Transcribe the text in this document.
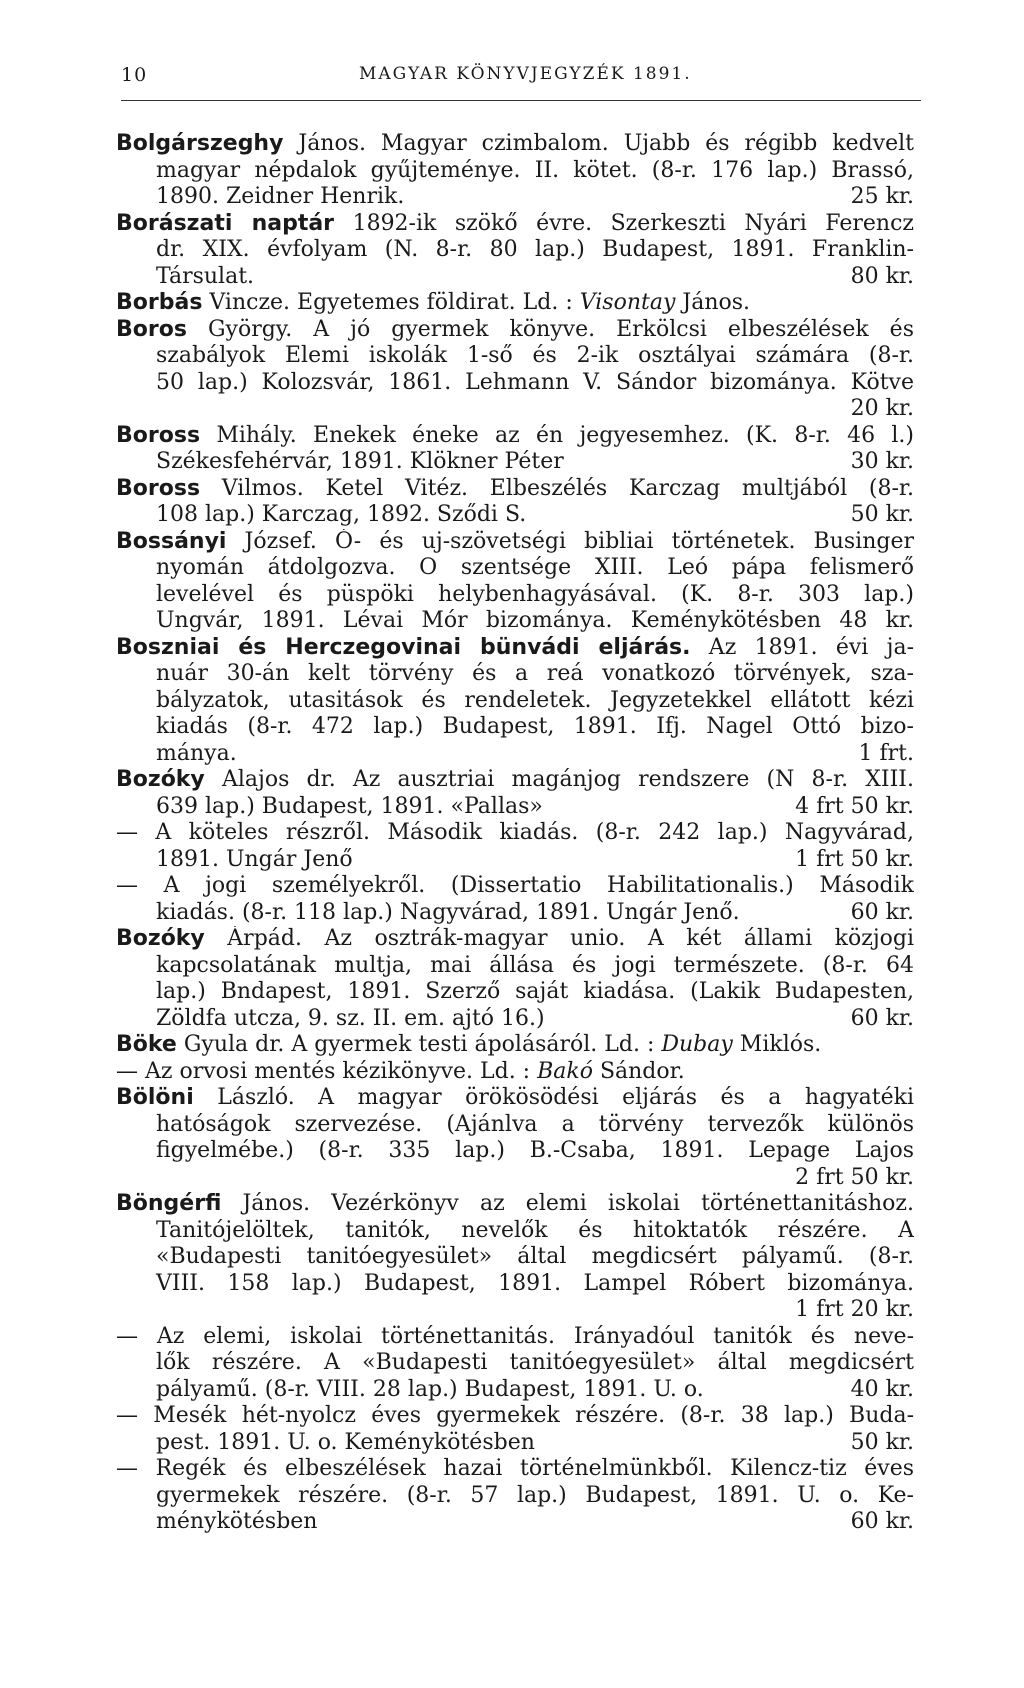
10	MAGYAR KÖNYVJEGYZÉK 1891.
Bolgárszeghy János. Magyar czimbalom. Ujabb és régibb kedvelt
magyar népdalok gyűjteménye. II. kötet. (8-r. 176 lap.) Brassó,
1890. Zeidner Henrik.	25 kr.
Borászati naptár 1892-ik szökő évre. Szerkeszti Nyári Ferencz
dr. XIX. évfolyam (N. 8-r. 80 lap.) Budapest, 1891. Franklin-
Társulat.	80 kr.
Borbás Vincze. Egyetemes földirat. Ld. : Visontay János.
Boros György. A jó gyermek könyve. Erkölcsi elbeszélések és
szabályok Elemi iskolák 1-ső és 2-ik osztályai számára (8-r.
50 lap.) Kolozsvár, 1861. Lehmann V. Sándor bizománya. Kötve
20 kr.
Boross Mihály. Enekek éneke az én jegyesemhez. (K. 8-r. 46 l.)
Székesfehérvár, 1891. Klökner Péter	30 kr.
Boross Vilmos. Ketel Vitéz. Elbeszélés Karczag multjából (8-r.
108 lap.) Karczag, 1892. Sződi S.	50 kr.
Bossányi József. Ó- és uj-szövetségi bibliai történetek. Businger
nyomán átdolgozva. O szentsége XIII. Leó pápa felismerő
levelével és püspöki helybenhagyásával. (K. 8-r. 303 lap.)
Ungvár, 1891. Lévai Mór bizománya. Keménykötésben 48 kr.
Boszniai és Herczegovinai bünvádi eljárás. Az 1891. évi ja-
nuár 30-án kelt törvény és a reá vonatkozó törvények, sza-
bályzatok, utasitások és rendeletek. Jegyzetekkel ellátott kézi
kiadás (8-r. 472 lap.) Budapest, 1891. Ifj. Nagel Ottó bizo-
mánya.	1 frt.
Bozóky Alajos dr. Az ausztriai magánjog rendszere (N 8-r. XIII.
639 lap.) Budapest, 1891. «Pallas»	4 frt 50 kr.
— A köteles részről. Második kiadás. (8-r. 242 lap.) Nagyvárad,
1891. Ungár Jenő	1 frt 50 kr.
— A jogi személyekről. (Dissertatio Habilitationalis.) Második
kiadás. (8-r. 118 lap.) Nagyvárad, 1891. Ungár Jenő.	60 kr.
Bozóky Árpád. Az osztrák-magyar unio. A két állami közjogi
kapcsolatának multja, mai állása és jogi természete. (8-r. 64
lap.) Bndapest, 1891. Szerző saját kiadása. (Lakik Budapesten,
Zöldfa utcza, 9. sz. II. em. ajtó 16.)	60 kr.
Böke Gyula dr. A gyermek testi ápolásáról. Ld. : Dubay Miklós.
— Az orvosi mentés kézikönyve. Ld. : Bakó Sándor.
Bölöni László. A magyar örökösödési eljárás és a hagyatéki
hatóságok szervezése. (Ajánlva a törvény tervezők különös
figyelmébe.) (8-r. 335 lap.) B.-Csaba, 1891. Lepage Lajos
2 frt 50 kr.
Böngérfi János. Vezérkönyv az elemi iskolai történettanitáshoz.
Tanitójelöltek, tanitók, nevelők és hitoktatók részére. A
«Budapesti tanitóegyesület» által megdicsért pályamű. (8-r.
VIII. 158 lap.) Budapest, 1891. Lampel Róbert bizománya.
1 frt 20 kr.
— Az elemi, iskolai történettanitás. Irányadóul tanitók és neve-
lők részére. A «Budapesti tanitóegyesület» által megdicsért
pályamű. (8-r. VIII. 28 lap.) Budapest, 1891. U. o.	40 kr.
— Mesék hét-nyolcz éves gyermekek részére. (8-r. 38 lap.) Buda-
pest. 1891. U. o. Keménykötésben	50 kr.
— Regék és elbeszélések hazai történelmünkből. Kilencz-tiz éves
gyermekek részére. (8-r. 57 lap.) Budapest, 1891. U. o. Ke-
ménykötésben	60 kr.
